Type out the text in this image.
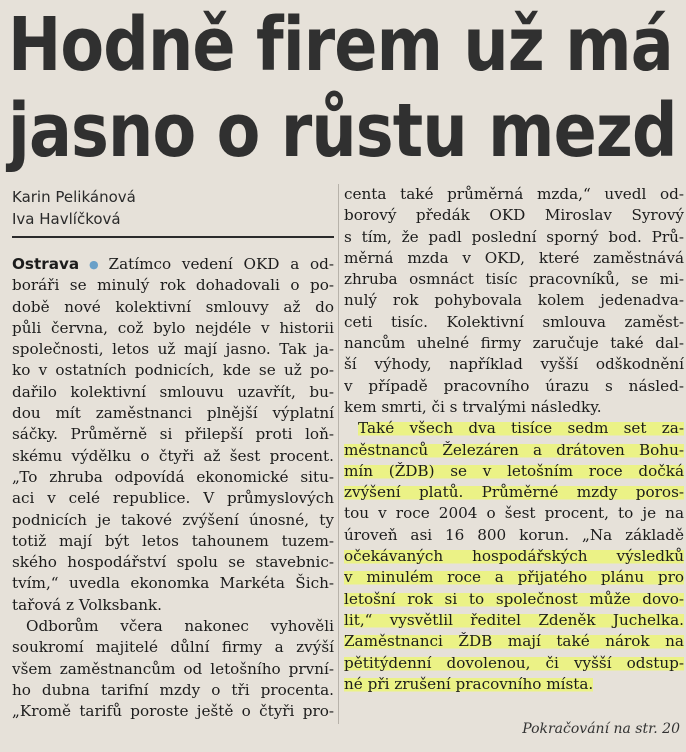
Hodně firem už má
jasno o růstu mezd
Karin Pelikánová
Iva Havlíčková
Ostrava ● Zatímco vedení OKD a od-
boráři se minulý rok dohadovali o po-
době nové kolektivní smlouvy až do
půli června, což bylo nejdéle v historii
společnosti, letos už mají jasno. Tak ja-
ko v ostatních podnicích, kde se už po-
dařilo kolektivní smlouvu uzavřít, bu-
dou mít zaměstnanci plnější výplatní
sáčky. Průměrně si přilepší proti loň-
skému výdělku o čtyři až šest procent.
„To zhruba odpovídá ekonomické situ-
aci v celé republice. V průmyslových
podnicích je takové zvýšení únosné, ty
totiž mají být letos tahounem tuzem-
ského hospodářství spolu se stavebnic-
tvím,“ uvedla ekonomka Markéta Šich-
tařová z Volksbank.
Odborům včera nakonec vyhověli
soukromí majitelé důlní firmy a zvýší
všem zaměstnancům od letošního první-
ho dubna tarifní mzdy o tři procenta.
„Kromě tarifů poroste ještě o čtyři pro-
centa také průměrná mzda,“ uvedl od-
borový předák OKD Miroslav Syrový
s tím, že padl poslední sporný bod. Prů-
měrná mzda v OKD, které zaměstnává
zhruba osmnáct tisíc pracovníků, se mi-
nulý rok pohybovala kolem jedenadva-
ceti tisíc. Kolektivní smlouva zaměst-
nancům uhelné firmy zaručuje také dal-
ší výhody, například vyšší odškodnění
v případě pracovního úrazu s násled-
kem smrti, či s trvalými následky.
Také všech dva tisíce sedm set za-
městnanců Železáren a drátoven Bohu-
mín (ŽDB) se v letošním roce dočká
zvýšení platů. Průměrné mzdy poros-
tou v roce 2004 o šest procent, to je na
úroveň asi 16 800 korun. „Na základě
očekávaných hospodářských výsledků
v minulém roce a přijatého plánu pro
letošní rok si to společnost může dovo-
lit,“ vysvětlil ředitel Zdeněk Juchelka.
Zaměstnanci ŽDB mají také nárok na
pětitýdenní dovolenou, či vyšší odstup-
né při zrušení pracovního místa.
Pokračování na str. 20
